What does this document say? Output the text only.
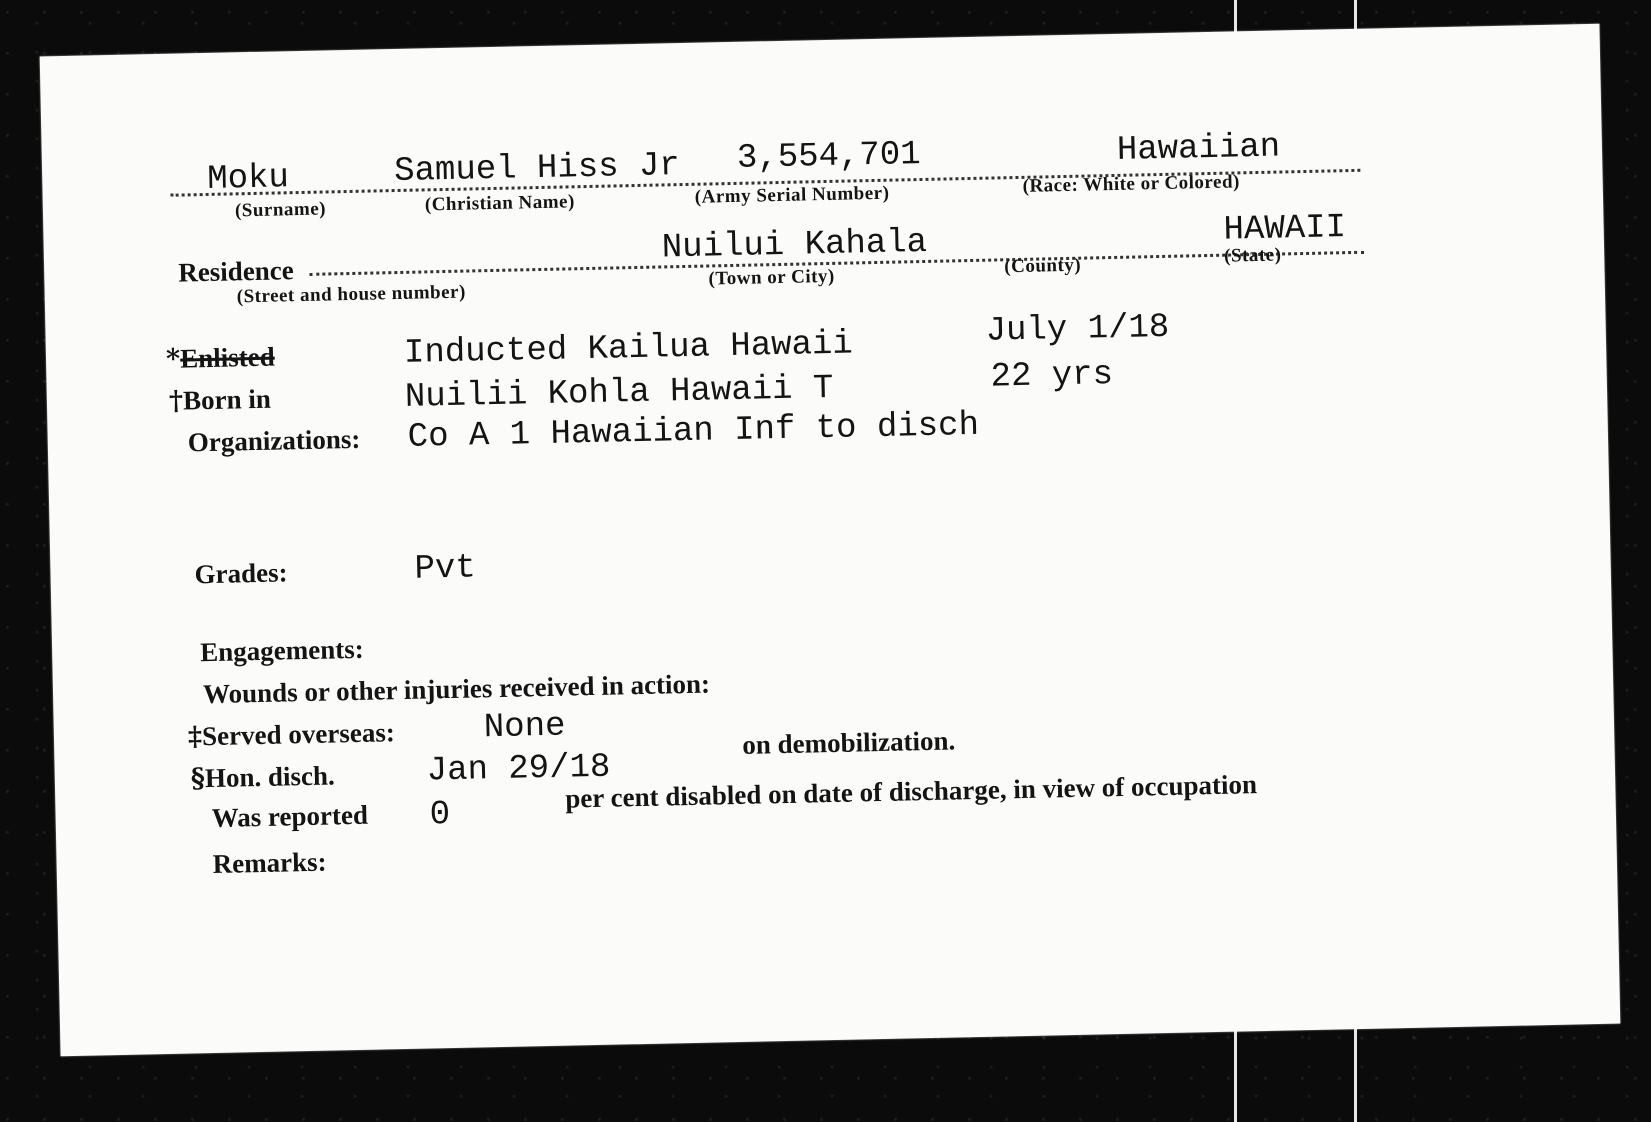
Moku
(Surname)
Samuel Hiss Jr
(Christian Name)
3,554,701
(Army Serial Number)
Hawaiian
(Race: White or Colored)
Residence
(Street and house number)
Nuilui Kahala
(Town or City)	(County)
HAWAII
(State)
*Enlisted	Inducted Kailua Hawaii	July 1/18
†Born in	Nuilii Kohla Hawaii T	22 yrs
Organizations: Co A 1 Hawaiian Inf to disch
Grades:	Pvt
Engagements:
Wounds or other injuries received in action:
‡Served overseas:	None
§Hon. disch.	Jan 29/18
on demobilization.
Was reported 0
per cent disabled on date of discharge, in view of occupation
Remarks:
